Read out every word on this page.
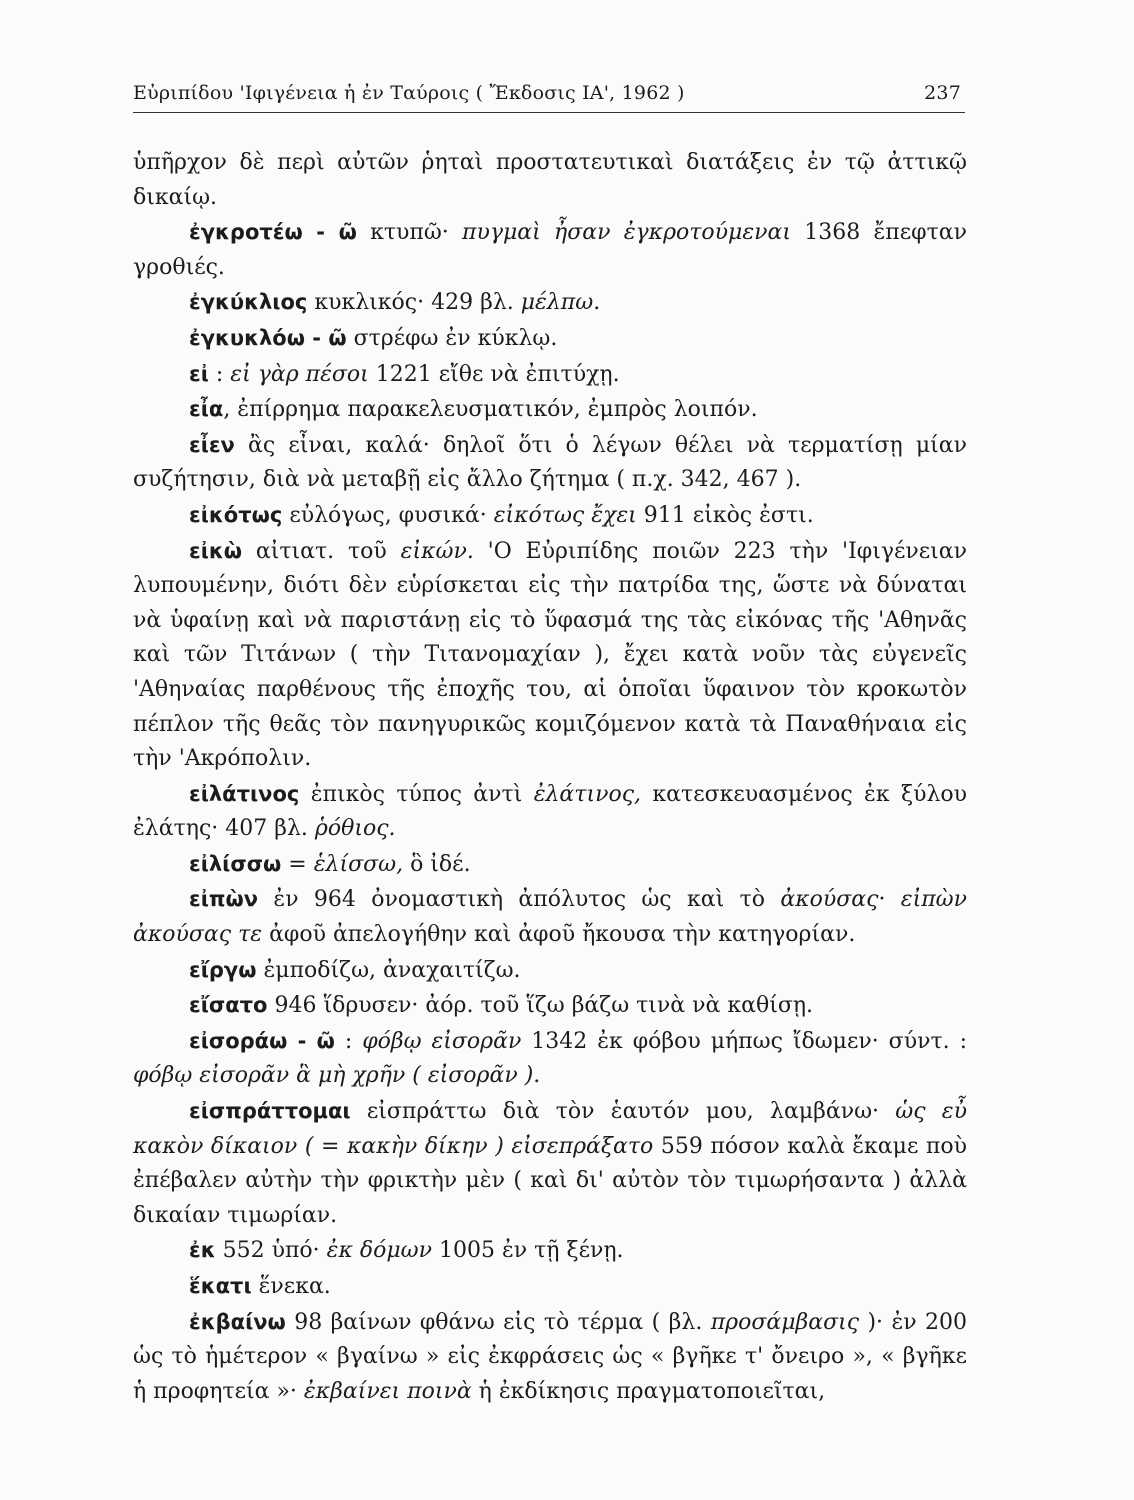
Εὐριπίδου 'Ιφιγένεια ἡ ἐν Ταύροις ( Ἔκδοσις ΙΑ', 1962 )	237

ὑπῆρχον δὲ περὶ αὐτῶν ῥηταὶ προστατευτικαὶ διατάξεις ἐν τῷ ἀττικῷ δικαίῳ.

ἐγκροτέω - ῶ κτυπῶ· πυγμαὶ ἦσαν ἐγκροτούμεναι 1368 ἔπεφταν γροθιές.

ἐγκύκλιος κυκλικός· 429 βλ. μέλπω.

ἐγκυκλόω - ῶ στρέφω ἐν κύκλῳ.

εἰ : εἰ γὰρ πέσοι 1221 εἴθε νὰ ἐπιτύχῃ.

εἶα, ἐπίρρημα παρακελευσματικόν, ἐμπρὸς λοιπόν.

εἶεν ἂς εἶναι, καλά· δηλοῖ ὅτι ὁ λέγων θέλει νὰ τερματίσῃ μίαν συζήτησιν, διὰ νὰ μεταβῇ εἰς ἄλλο ζήτημα ( π.χ. 342, 467 ).

εἰκότως εὐλόγως, φυσικά· εἰκότως ἔχει 911 εἰκὸς ἐστι.

εἰκὼ αἰτιατ. τοῦ εἰκών. 'Ο Εὐριπίδης ποιῶν 223 τὴν 'Ιφιγένειαν λυπουμένην, διότι δὲν εὑρίσκεται εἰς τὴν πατρίδα της, ὥστε νὰ δύναται νὰ ὑφαίνῃ καὶ νὰ παριστάνῃ εἰς τὸ ὕφασμά της τὰς εἰκόνας τῆς 'Αθηνᾶς καὶ τῶν Τιτάνων ( τὴν Τιτανομαχίαν ), ἔχει κατὰ νοῦν τὰς εὐγενεῖς 'Αθηναίας παρθένους τῆς ἐποχῆς του, αἱ ὁποῖαι ὕφαινον τὸν κροκωτὸν πέπλον τῆς θεᾶς τὸν πανηγυρικῶς κομιζόμενον κατὰ τὰ Παναθήναια εἰς τὴν 'Ακρόπολιν.

εἰλάτινος ἐπικὸς τύπος ἀντὶ ἐλάτινος, κατεσκευασμένος ἐκ ξύλου ἐλάτης· 407 βλ. ῥόθιος.

εἰλίσσω = ἑλίσσω, ὃ ἰδέ.

εἰπὼν ἐν 964 ὀνομαστικὴ ἀπόλυτος ὡς καὶ τὸ ἀκούσας· εἰπὼν ἀκούσας τε ἀφοῦ ἀπελογήθην καὶ ἀφοῦ ἤκουσα τὴν κατηγορίαν.

εἴργω ἐμποδίζω, ἀναχαιτίζω.

εἴσατο 946 ἵδρυσεν· ἀόρ. τοῦ ἵζω βάζω τινὰ νὰ καθίσῃ.

εἰσοράω - ῶ : φόβῳ εἰσορᾶν 1342 ἐκ φόβου μήπως ἴδωμεν· σύντ. : φόβῳ εἰσορᾶν ἃ μὴ χρῆν ( εἰσορᾶν ).

εἰσπράττομαι εἰσπράττω διὰ τὸν ἑαυτόν μου, λαμβάνω· ὡς εὖ κακὸν δίκαιον ( = κακὴν δίκην ) εἰσεπράξατο 559 πόσον καλὰ ἔκαμε ποὺ ἐπέβαλεν αὐτὴν τὴν φρικτὴν μὲν ( καὶ δι' αὐτὸν τὸν τιμωρήσαντα ) ἀλλὰ δικαίαν τιμωρίαν.

ἐκ 552 ὑπό· ἐκ δόμων 1005 ἐν τῇ ξένῃ.

ἕκατι ἕνεκα.

ἐκβαίνω 98 βαίνων φθάνω εἰς τὸ τέρμα ( βλ. προσάμβασις )· ἐν 200 ὡς τὸ ἡμέτερον « βγαίνω » εἰς ἐκφράσεις ὡς « βγῆκε τ' ὄνειρο », « βγῆκε ἡ προφητεία »· ἐκβαίνει ποινὰ ἡ ἐκδίκησις πραγματοποιεῖται,
